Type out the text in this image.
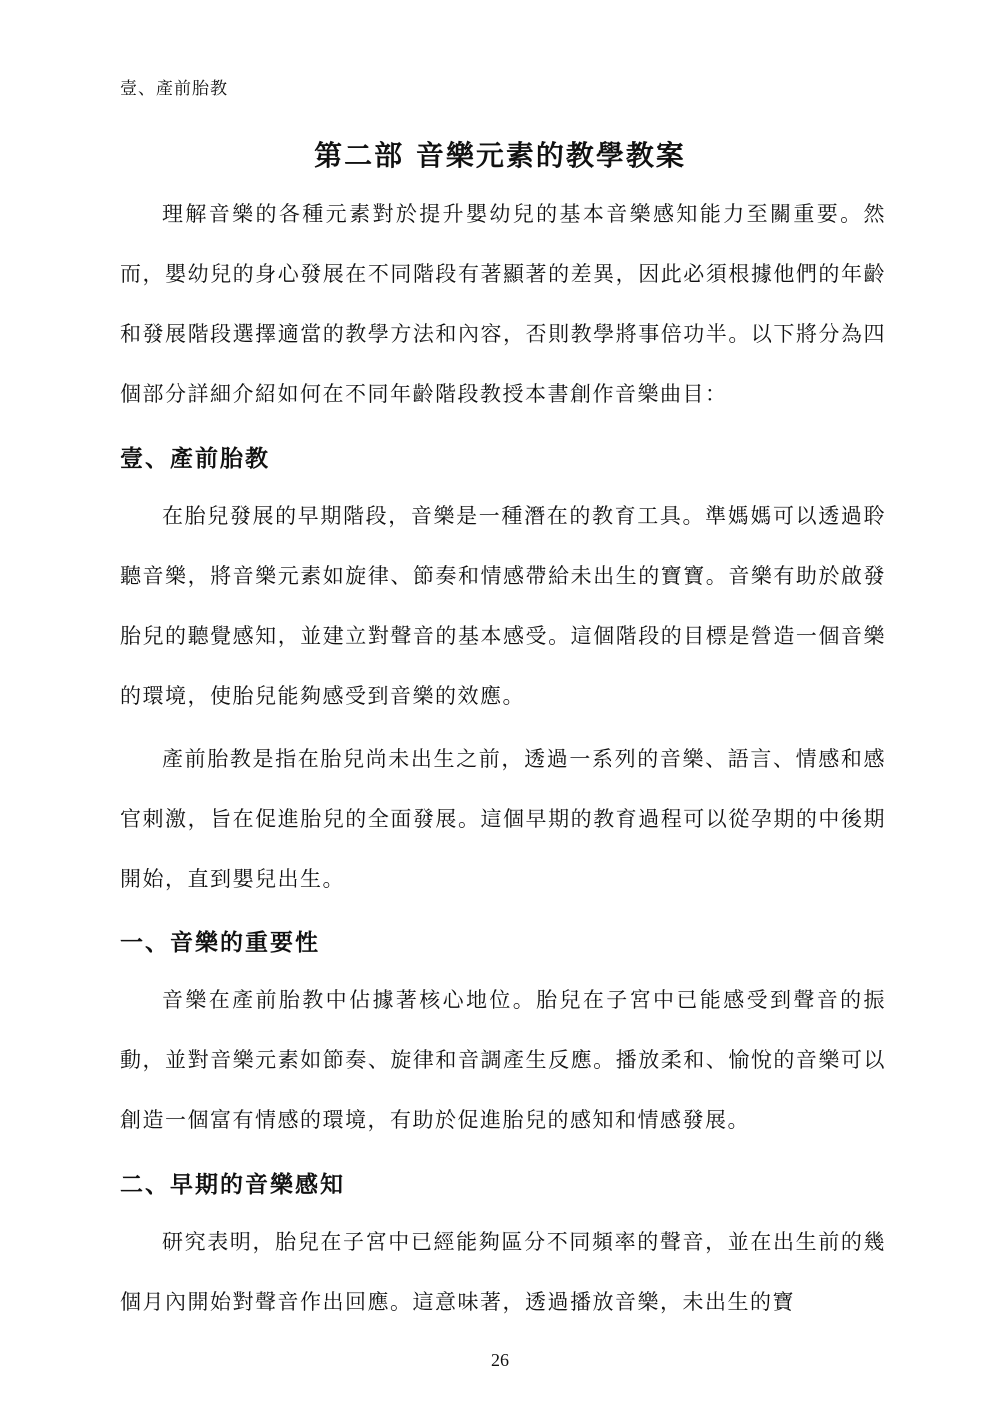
壹、產前胎教
第二部 音樂元素的教學教案

理解音樂的各種元素對於提升嬰幼兒的基本音樂感知能力至關重要。然而，嬰幼兒的身心發展在不同階段有著顯著的差異，因此必須根據他們的年齡和發展階段選擇適當的教學方法和內容，否則教學將事倍功半。以下將分為四個部分詳細介紹如何在不同年齡階段教授本書創作音樂曲目：

壹、產前胎教

在胎兒發展的早期階段，音樂是一種潛在的教育工具。準媽媽可以透過聆聽音樂，將音樂元素如旋律、節奏和情感帶給未出生的寶寶。音樂有助於啟發胎兒的聽覺感知，並建立對聲音的基本感受。這個階段的目標是營造一個音樂的環境，使胎兒能夠感受到音樂的效應。

產前胎教是指在胎兒尚未出生之前，透過一系列的音樂、語言、情感和感官刺激，旨在促進胎兒的全面發展。這個早期的教育過程可以從孕期的中後期開始，直到嬰兒出生。

一、音樂的重要性

音樂在產前胎教中佔據著核心地位。胎兒在子宮中已能感受到聲音的振動，並對音樂元素如節奏、旋律和音調產生反應。播放柔和、愉悅的音樂可以創造一個富有情感的環境，有助於促進胎兒的感知和情感發展。

二、早期的音樂感知

研究表明，胎兒在子宮中已經能夠區分不同頻率的聲音，並在出生前的幾個月內開始對聲音作出回應。這意味著，透過播放音樂，未出生的寶

26
